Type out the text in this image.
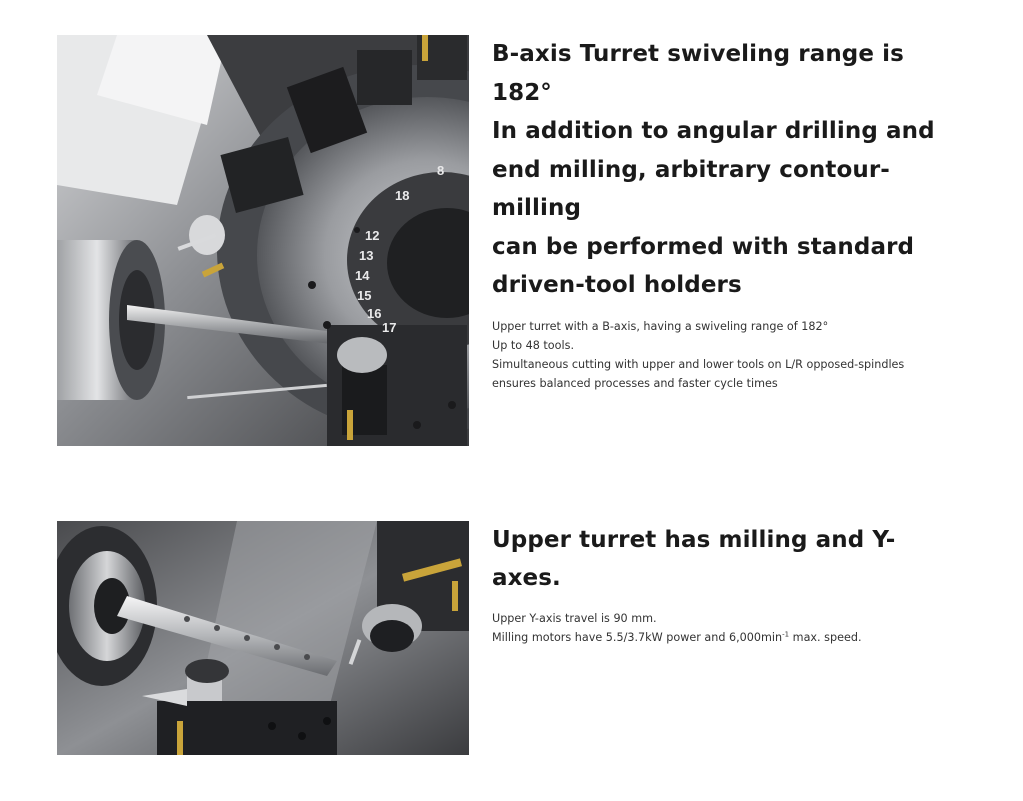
18
12
13
14
15
16
17
8
B-axis Turret swiveling range is
182°
In addition to angular drilling and
end milling, arbitrary contour-milling
can be performed with standard
driven-tool holders

Upper turret with a B-axis, having a swiveling range of 182°
Up to 48 tools.
Simultaneous cutting with upper and lower tools on L/R opposed-spindles
ensures balanced processes and faster cycle times

Upper turret has milling and Y-axes.

Upper Y-axis travel is 90 mm.
Milling motors have 5.5/3.7kW power and $6,000\min^{-1}$ max. speed.
